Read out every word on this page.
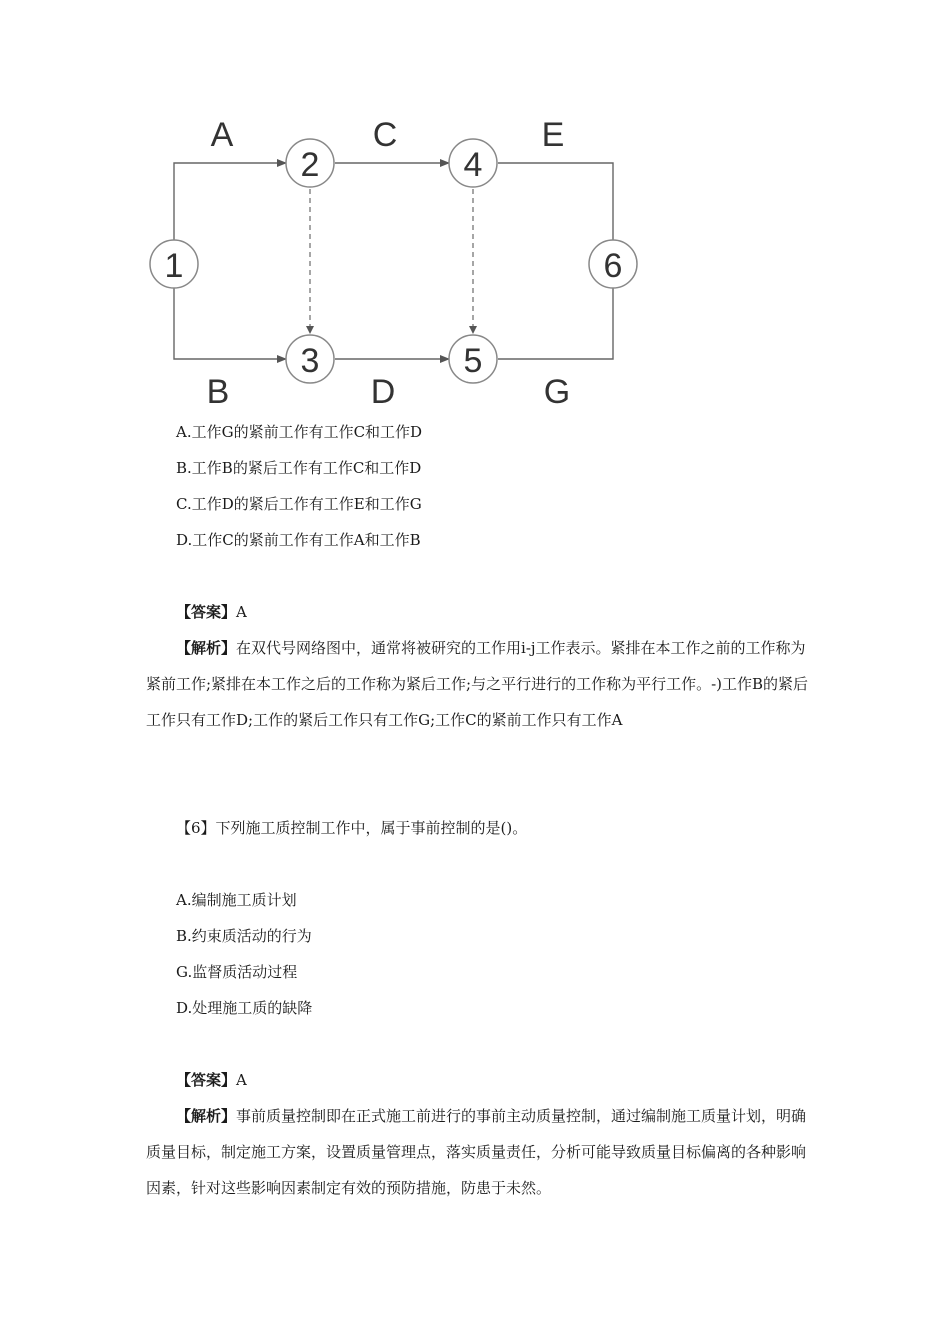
1
2
3
4
5
6
A
B
C
D
E
G
A.工作G的紧前工作有工作C和工作D
B.工作B的紧后工作有工作C和工作D
C.工作D的紧后工作有工作E和工作G
D.工作C的紧前工作有工作A和工作B
【答案】A
【解析】在双代号网络图中，通常将被研究的工作用i-j工作表示。紧排在本工作之前的工作称为紧前工作;紧排在本工作之后的工作称为紧后工作;与之平行进行的工作称为平行工作。-)工作B的紧后工作只有工作D;工作的紧后工作只有工作G;工作C的紧前工作只有工作A
【6】下列施工质控制工作中，属于事前控制的是()。
A.编制施工质计划
B.约束质活动的行为
G.监督质活动过程
D.处理施工质的缺降
【答案】A
【解析】事前质量控制即在正式施工前进行的事前主动质量控制，通过编制施工质量计划，明确质量目标，制定施工方案，设置质量管理点，落实质量责任，分析可能导致质量目标偏离的各种影响因素，针对这些影响因素制定有效的预防措施，防患于未然。
